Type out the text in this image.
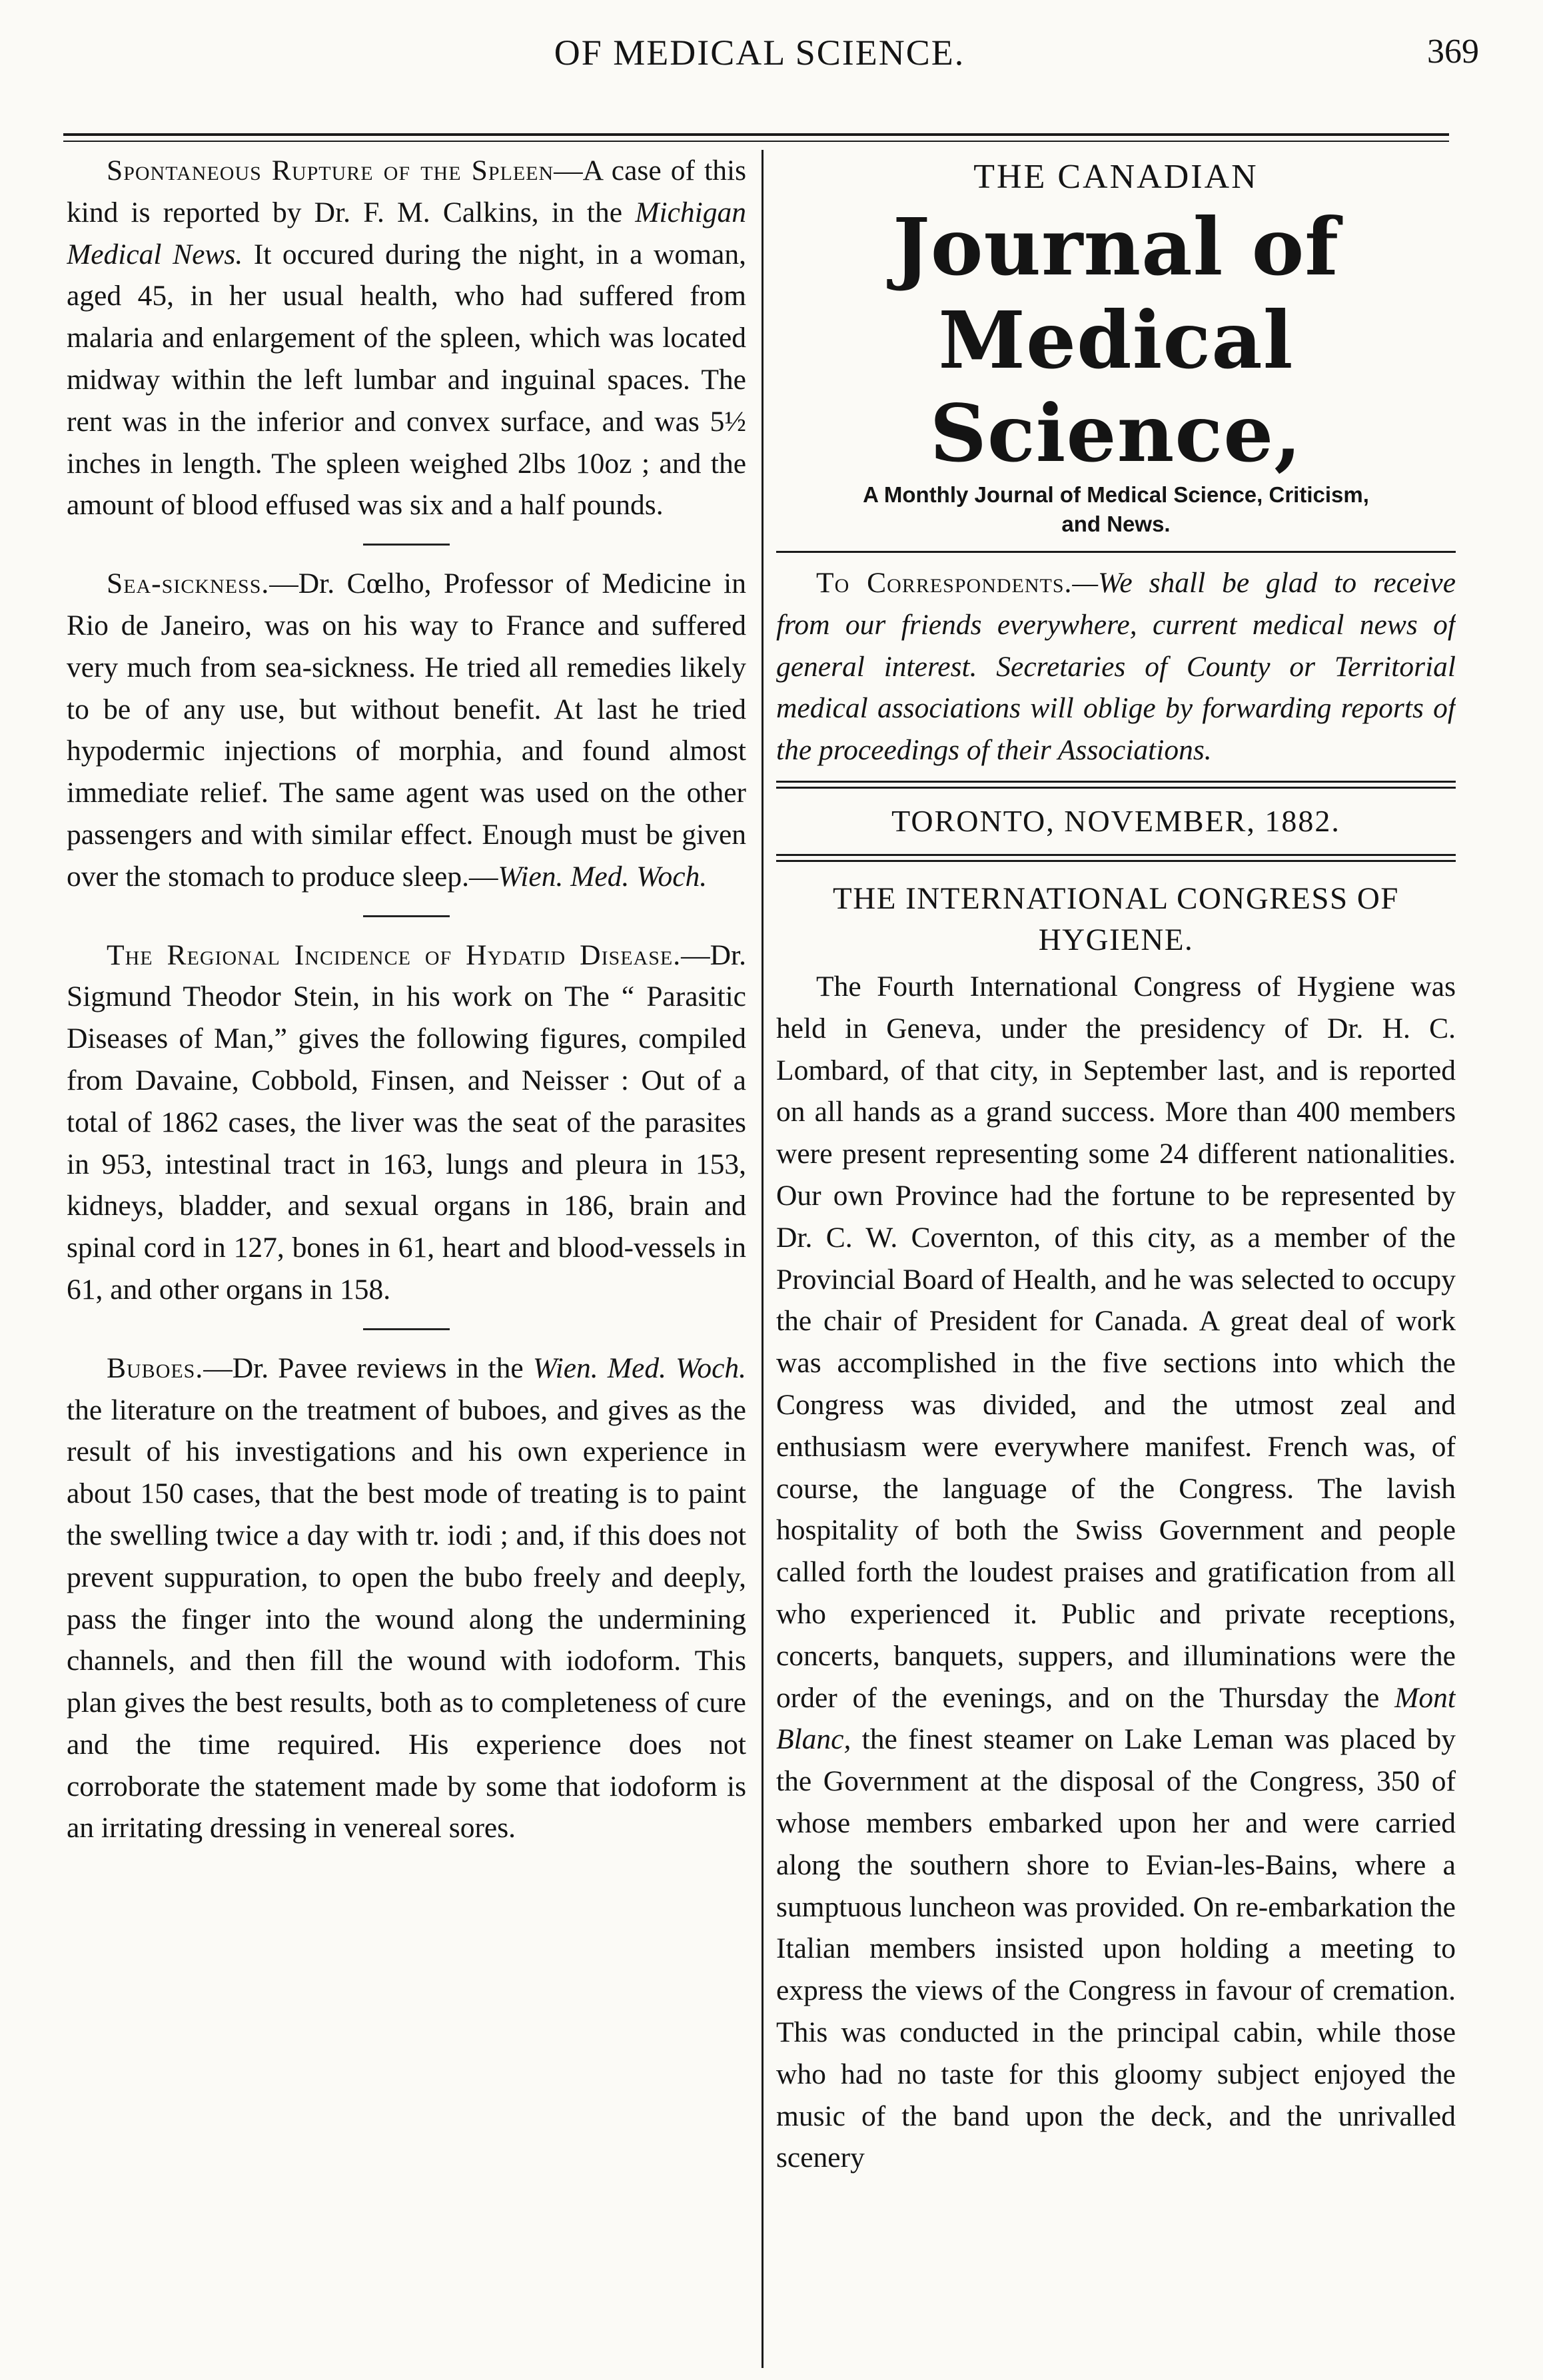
OF MEDICAL SCIENCE.	369

Spontaneous Rupture of the Spleen—A case of this kind is reported by Dr. F. M. Calkins, in the Michigan Medical News. It occured during the night, in a woman, aged 45, in her usual health, who had suffered from malaria and enlargement of the spleen, which was located midway within the left lumbar and inguinal spaces. The rent was in the inferior and convex surface, and was 5½ inches in length. The spleen weighed 2lbs 10oz ; and the amount of blood effused was six and a half pounds.

Sea-sickness.—Dr. Cœlho, Professor of Medicine in Rio de Janeiro, was on his way to France and suffered very much from sea-sickness. He tried all remedies likely to be of any use, but without benefit. At last he tried hypodermic injections of morphia, and found almost immediate relief. The same agent was used on the other passengers and with similar effect. Enough must be given over the stomach to produce sleep.—Wien. Med. Woch.

The Regional Incidence of Hydatid Disease.—Dr. Sigmund Theodor Stein, in his work on The “ Parasitic Diseases of Man,” gives the following figures, compiled from Davaine, Cobbold, Finsen, and Neisser : Out of a total of 1862 cases, the liver was the seat of the parasites in 953, intestinal tract in 163, lungs and pleura in 153, kidneys, bladder, and sexual organs in 186, brain and spinal cord in 127, bones in 61, heart and blood-vessels in 61, and other organs in 158.

Buboes.—Dr. Pavee reviews in the Wien. Med. Woch. the literature on the treatment of buboes, and gives as the result of his investigations and his own experience in about 150 cases, that the best mode of treating is to paint the swelling twice a day with tr. iodi ; and, if this does not prevent suppuration, to open the bubo freely and deeply, pass the finger into the wound along the undermining channels, and then fill the wound with iodoform. This plan gives the best results, both as to completeness of cure and the time required. His experience does not corroborate the statement made by some that iodoform is an irritating dressing in venereal sores.

THE CANADIAN
Journal of Medical Science,
A Monthly Journal of Medical Science, Criticism,
and News.

To Correspondents.—We shall be glad to receive from our friends everywhere, current medical news of general interest. Secretaries of County or Territorial medical associations will oblige by forwarding reports of the proceedings of their Associations.

TORONTO, NOVEMBER, 1882.
THE INTERNATIONAL CONGRESS OF HYGIENE.

The Fourth International Congress of Hygiene was held in Geneva, under the presidency of Dr. H. C. Lombard, of that city, in September last, and is reported on all hands as a grand success. More than 400 members were present representing some 24 different nationalities. Our own Province had the fortune to be represented by Dr. C. W. Covernton, of this city, as a member of the Provincial Board of Health, and he was selected to occupy the chair of President for Canada. A great deal of work was accomplished in the five sections into which the Congress was divided, and the utmost zeal and enthusiasm were everywhere manifest. French was, of course, the language of the Congress. The lavish hospitality of both the Swiss Government and people called forth the loudest praises and gratification from all who experienced it. Public and private receptions, concerts, banquets, suppers, and illuminations were the order of the evenings, and on the Thursday the Mont Blanc, the finest steamer on Lake Leman was placed by the Government at the disposal of the Congress, 350 of whose members embarked upon her and were carried along the southern shore to Evian-les-Bains, where a sumptuous luncheon was provided. On re-embarkation the Italian members insisted upon holding a meeting to express the views of the Congress in favour of cremation. This was conducted in the principal cabin, while those who had no taste for this gloomy subject enjoyed the music of the band upon the deck, and the unrivalled scenery
